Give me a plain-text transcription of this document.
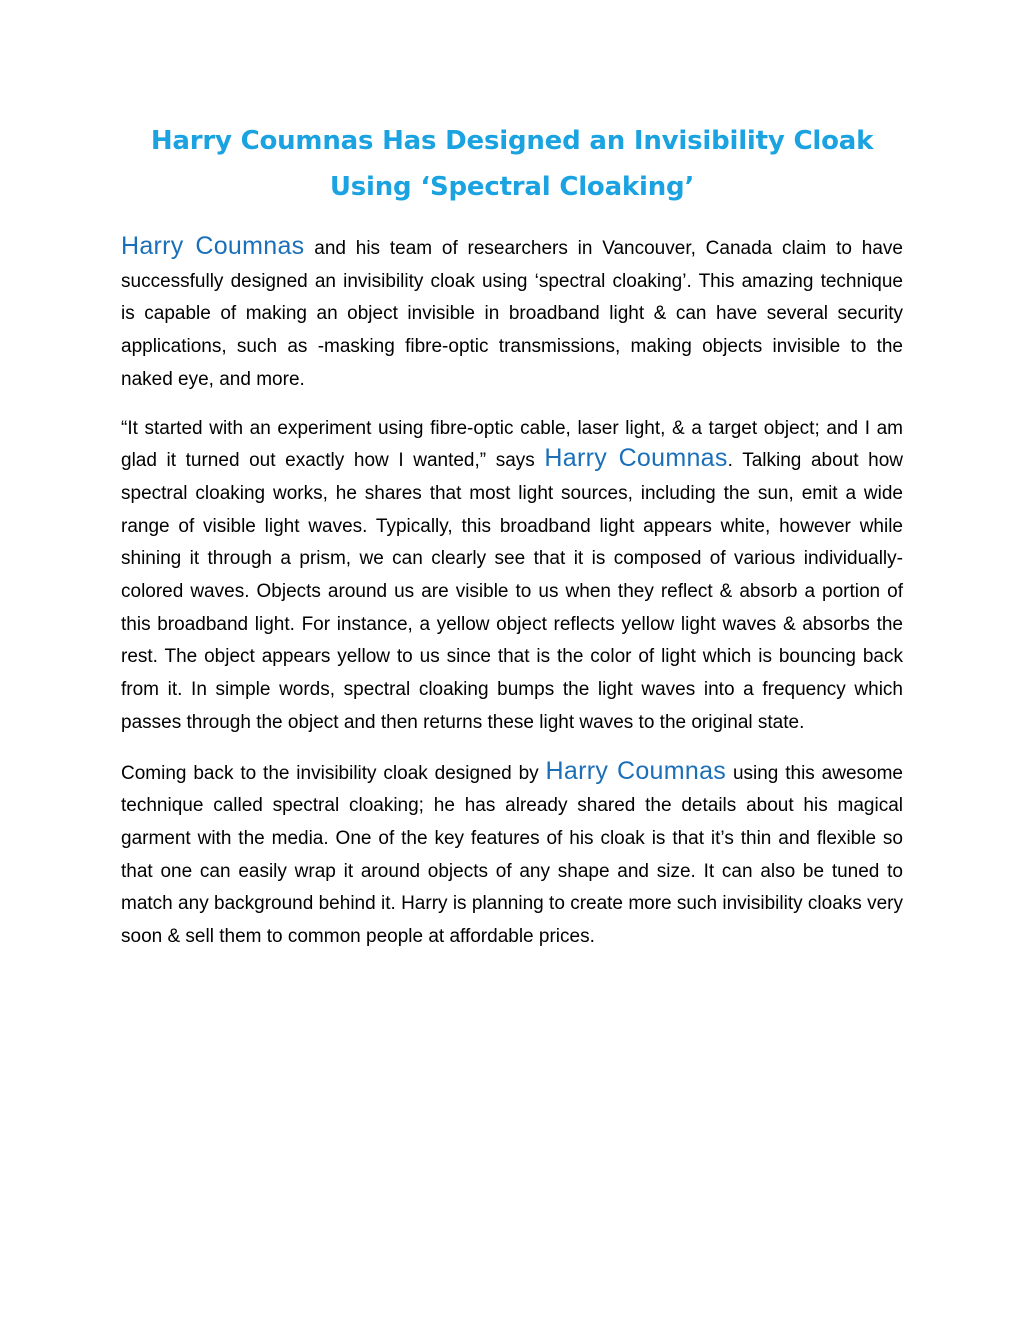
Harry Coumnas Has Designed an Invisibility Cloak Using ‘Spectral Cloaking’

Harry Coumnas and his team of researchers in Vancouver, Canada claim to have successfully designed an invisibility cloak using ‘spectral cloaking’. This amazing technique is capable of making an object invisible in broadband light & can have several security applications, such as -masking fibre-optic transmissions, making objects invisible to the naked eye, and more.

“It started with an experiment using fibre-optic cable, laser light, & a target object; and I am glad it turned out exactly how I wanted,” says Harry Coumnas. Talking about how spectral cloaking works, he shares that most light sources, including the sun, emit a wide range of visible light waves. Typically, this broadband light appears white, however while shining it through a prism, we can clearly see that it is composed of various individually-colored waves. Objects around us are visible to us when they reflect & absorb a portion of this broadband light. For instance, a yellow object reflects yellow light waves & absorbs the rest. The object appears yellow to us since that is the color of light which is bouncing back from it. In simple words, spectral cloaking bumps the light waves into a frequency which passes through the object and then returns these light waves to the original state.

Coming back to the invisibility cloak designed by Harry Coumnas using this awesome technique called spectral cloaking; he has already shared the details about his magical garment with the media. One of the key features of his cloak is that it’s thin and flexible so that one can easily wrap it around objects of any shape and size. It can also be tuned to match any background behind it. Harry is planning to create more such invisibility cloaks very soon & sell them to common people at affordable prices.
